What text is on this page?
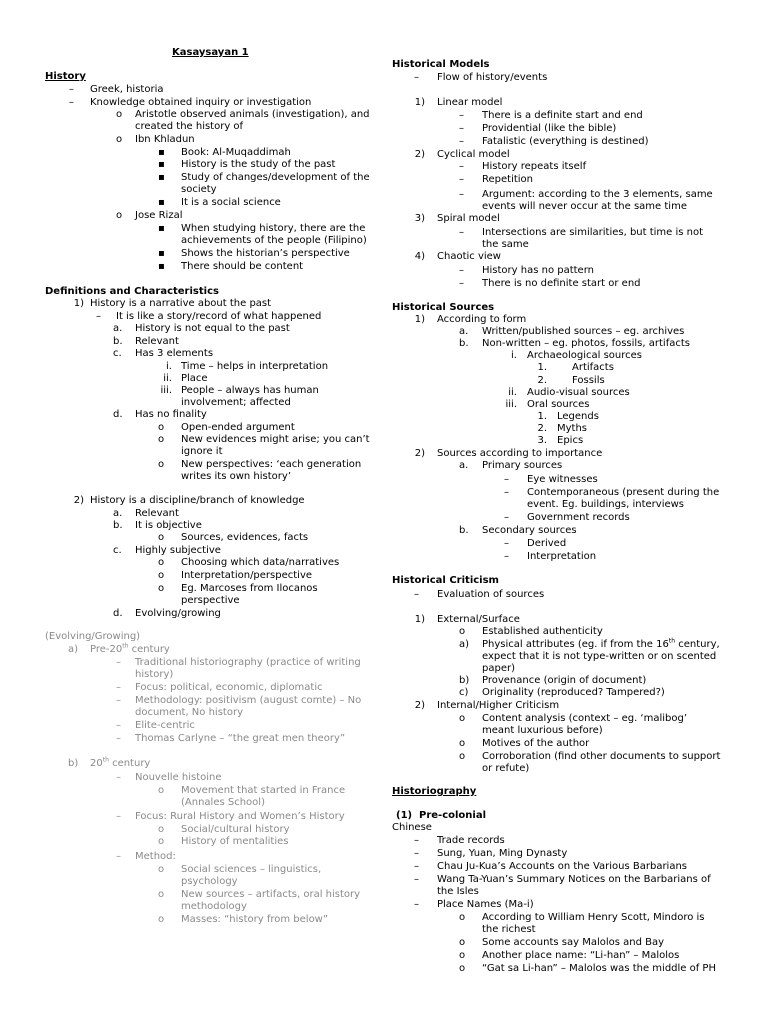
Kasaysayan 1
History
– Greek, historia
– Knowledge obtained inquiry or investigation
o Aristotle observed animals (investigation), and
created the history of
o Ibn Khladun
▪ Book: Al-Muqaddimah
▪ History is the study of the past
▪ Study of changes/development of the
society
▪ It is a social science
o Jose Rizal
▪ When studying history, there are the
achievements of the people (Filipino)
▪ Shows the historian’s perspective
▪ There should be content
Definitions and Characteristics
1) History is a narrative about the past
– It is like a story/record of what happened
a. History is not equal to the past
b. Relevant
c. Has 3 elements
i. Time – helps in interpretation
ii. Place
iii. People – always has human
involvement; affected
d. Has no finality
o Open-ended argument
o New evidences might arise; you can’t
ignore it
o New perspectives: ‘each generation
writes its own history’
2) History is a discipline/branch of knowledge
a. Relevant
b. It is objective
o Sources, evidences, facts
c. Highly subjective
o Choosing which data/narratives
o Interpretation/perspective
o Eg. Marcoses from Ilocanos
perspective
d. Evolving/growing
(Evolving/Growing)
a) Pre-20th century
– Traditional historiography (practice of writing
history)
– Focus: political, economic, diplomatic
– Methodology: positivism (august comte) – No
document, No history
– Elite-centric
– Thomas Carlyne – “the great men theory”
b) 20th century
– Nouvelle histoine
o Movement that started in France
(Annales School)
– Focus: Rural History and Women’s History
o Social/cultural history
o History of mentalities
– Method:
o Social sciences – linguistics,
psychology
o New sources – artifacts, oral history
methodology
o Masses: “history from below”
Historical Models
– Flow of history/events
1) Linear model
– There is a definite start and end
– Providential (like the bible)
– Fatalistic (everything is destined)
2) Cyclical model
– History repeats itself
– Repetition
– Argument: according to the 3 elements, same
events will never occur at the same time
3) Spiral model
– Intersections are similarities, but time is not
the same
4) Chaotic view
– History has no pattern
– There is no definite start or end
Historical Sources
1) According to form
a. Written/published sources – eg. archives
b. Non-written – eg. photos, fossils, artifacts
i. Archaeological sources
1.	Artifacts
2.	Fossils
ii. Audio-visual sources
iii. Oral sources
1. Legends
2. Myths
3. Epics
2) Sources according to importance
a. Primary sources
– Eye witnesses
– Contemporaneous (present during the
event. Eg. buildings, interviews
– Government records
b. Secondary sources
– Derived
– Interpretation
Historical Criticism
– Evaluation of sources
1) External/Surface
o Established authenticity
a) Physical attributes (eg. if from the 16th century,
expect that it is not type-written or on scented
paper)
b) Provenance (origin of document)
c) Originality (reproduced? Tampered?)
2) Internal/Higher Criticism
o Content analysis (context – eg. ‘malibog’
meant luxurious before)
o Motives of the author
o Corroboration (find other documents to support
or refute)
Historiography
(1) Pre-colonial
Chinese
– Trade records
– Sung, Yuan, Ming Dynasty
– Chau Ju-Kua’s Accounts on the Various Barbarians
– Wang Ta-Yuan’s Summary Notices on the Barbarians of
the Isles
– Place Names (Ma-i)
o According to William Henry Scott, Mindoro is
the richest
o Some accounts say Malolos and Bay
o Another place name: “Li-han” – Malolos
o “Gat sa Li-han” – Malolos was the middle of PH
